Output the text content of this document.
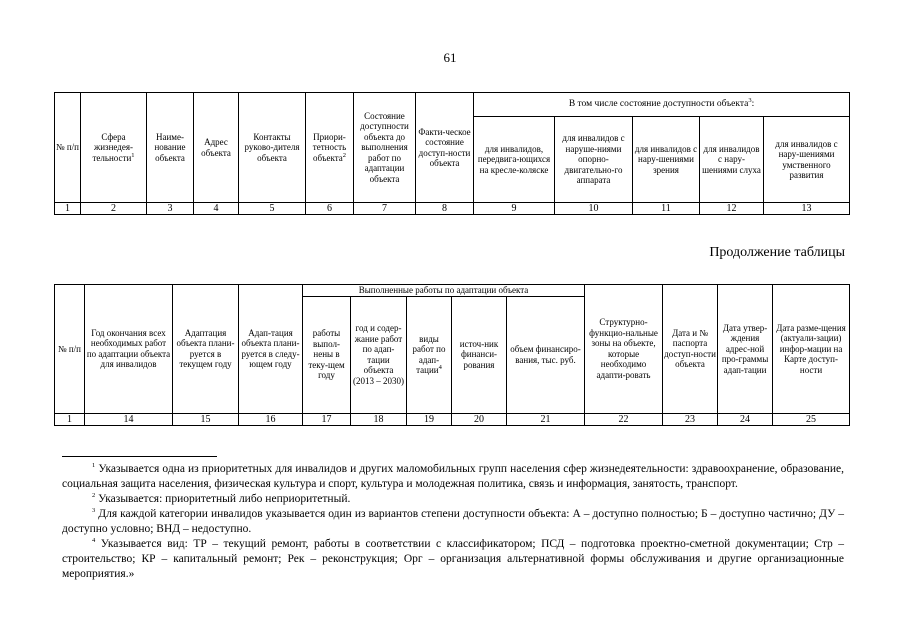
61
№ п/п	Сфера жизнедея-тельности$^1$	Наиме-нование объекта	Адрес объекта	Контакты руково-дителя объекта	Приори-тетность объекта$^2$	Состояние доступности объекта до выполнения работ по адаптации объекта	Факти-ческое состояние доступ-ности объекта	В том числе состояние доступности объекта$^3$:				
								для инвалидов, передвига-ющихся на кресле-коляске	для инвалидов с наруше-ниями опорно-двигательно-го аппарата	для инвалидов с нару-шениями зрения	для инвалидов с нару-шениями слуха	для инвалидов с нару-шениями умственного развития
1	2	3	4	5	6	7	8	9	10	11	12	13
Продолжение таблицы
№ п/п	Год окончания всех необходимых работ по адаптации объекта для инвалидов	Адаптация объекта плани-руется в текущем году	Адап-тация объекта плани-руется в следу-ющем году	Выполненные работы по адаптации объекта					Структурно-функцио-нальные зоны на объекте, которые необходимо адапти-ровать	Дата и № паспорта доступ-ности объекта	Дата утвер-ждения адрес-ной про-граммы адап-тации	Дата разме-щения (актуали-зации) инфор-мации на Карте доступ-ности
				работы выпол-нены в теку-щем году	год и содер-жание работ по адап-тации объекта (2013 – 2030)	виды работ по адап-тации$^4$	источ-ник финанси-рования	объем финансиро-вания, тыс. руб.				
1	14	15	16	17	18	19	20	21	22	23	24	25

$^1$ Указывается одна из приоритетных для инвалидов и других маломобильных групп населения сфер жизнедеятельности: здравоохранение, образование, социальная защита населения, физическая культура и спорт, культура и молодежная политика, связь и информация, занятость, транспорт.

$^2$ Указывается: приоритетный либо неприоритетный.

$^3$ Для каждой категории инвалидов указывается один из вариантов степени доступности объекта: А – доступно полностью; Б – доступно частично; ДУ – доступно условно; ВНД – недоступно.

$^4$ Указывается вид: ТР – текущий ремонт, работы в соответствии с классификатором; ПСД – подготовка проектно-сметной документации; Стр – строительство; КР – капитальный ремонт; Рек – реконструкция; Орг – организация альтернативной формы обслуживания и другие организационные мероприятия.»
